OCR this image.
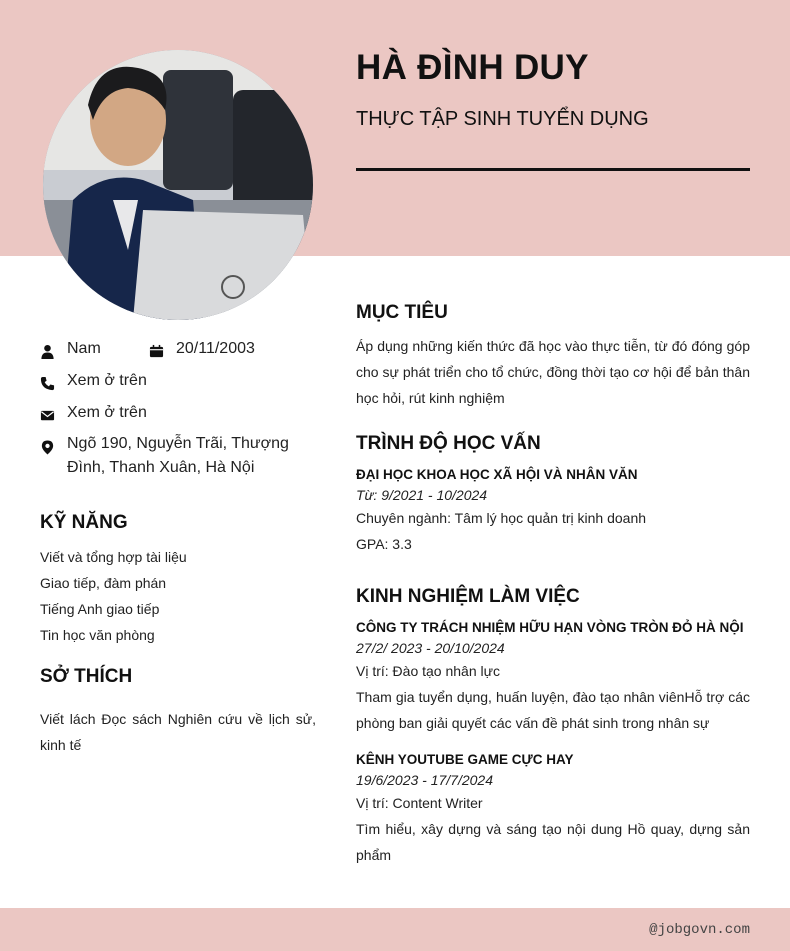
HÀ ĐÌNH DUY
THỰC TẬP SINH TUYỂN DỤNG
Nam	20/11/2003
Xem ở trên
Xem ở trên
Ngõ 190, Nguyễn Trãi, Thượng Đình, Thanh Xuân, Hà Nội
KỸ NĂNG
Viết và tổng hợp tài liệu
Giao tiếp, đàm phán
Tiếng Anh giao tiếp
Tin học văn phòng
SỞ THÍCH
Viết lách Đọc sách Nghiên cứu về lịch sử, kinh tế
MỤC TIÊU
Áp dụng những kiến thức đã học vào thực tiễn, từ đó đóng góp cho sự phát triển cho tổ chức, đồng thời tạo cơ hội để bản thân học hỏi, rút kinh nghiệm
TRÌNH ĐỘ HỌC VẤN
ĐẠI HỌC KHOA HỌC XÃ HỘI VÀ NHÂN VĂN
Từ: 9/2021 - 10/2024
Chuyên ngành: Tâm lý học quản trị kinh doanh
GPA: 3.3
KINH NGHIỆM LÀM VIỆC
CÔNG TY TRÁCH NHIỆM HỮU HẠN VÒNG TRÒN ĐỎ HÀ NỘI
27/2/ 2023 - 20/10/2024
Vị trí: Đào tạo nhân lực
Tham gia tuyển dụng, huấn luyện, đào tạo nhân viênHỗ trợ các phòng ban giải quyết các vấn đề phát sinh trong nhân sự
KÊNH YOUTUBE GAME CỰC HAY
19/6/2023 - 17/7/2024
Vị trí: Content Writer
Tìm hiểu, xây dựng và sáng tạo nội dung Hồ quay, dựng sản phẩm
@jobgovn.com
